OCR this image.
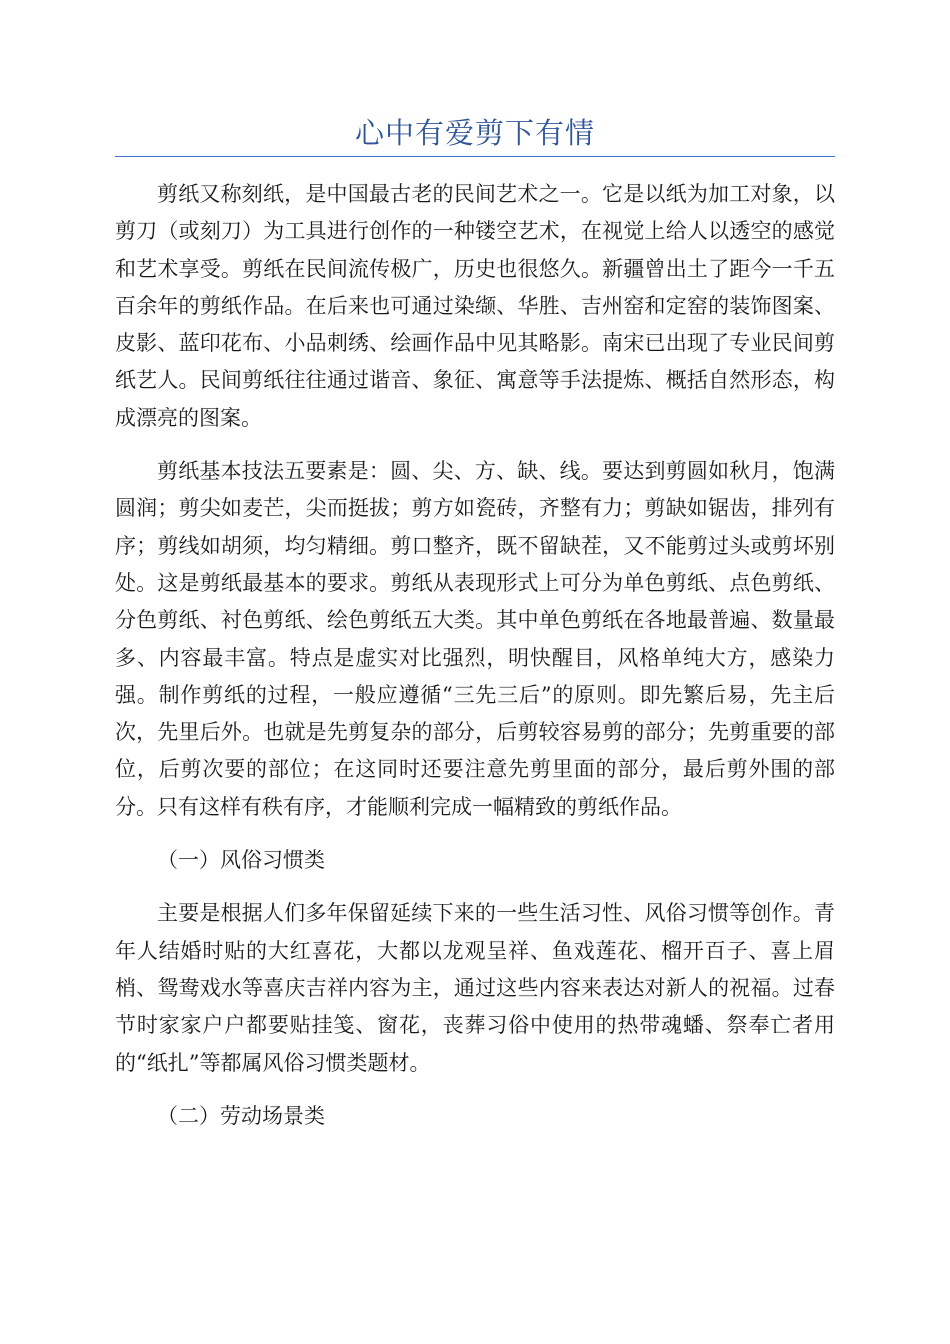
心中有爱剪下有情

剪纸又称刻纸，是中国最古老的民间艺术之一。它是以纸为加工对象，以剪刀（或刻刀）为工具进行创作的一种镂空艺术，在视觉上给人以透空的感觉和艺术享受。剪纸在民间流传极广，历史也很悠久。新疆曾出土了距今一千五百余年的剪纸作品。在后来也可通过染缬、华胜、吉州窑和定窑的装饰图案、皮影、蓝印花布、小品刺绣、绘画作品中见其略影。南宋已出现了专业民间剪纸艺人。民间剪纸往往通过谐音、象征、寓意等手法提炼、概括自然形态，构成漂亮的图案。

剪纸基本技法五要素是：圆、尖、方、缺、线。要达到剪圆如秋月，饱满圆润；剪尖如麦芒，尖而挺拔；剪方如瓷砖，齐整有力；剪缺如锯齿，排列有序；剪线如胡须，均匀精细。剪口整齐，既不留缺茬，又不能剪过头或剪坏别处。这是剪纸最基本的要求。剪纸从表现形式上可分为单色剪纸、点色剪纸、分色剪纸、衬色剪纸、绘色剪纸五大类。其中单色剪纸在各地最普遍、数量最多、内容最丰富。特点是虚实对比强烈，明快醒目，风格单纯大方，感染力强。制作剪纸的过程，一般应遵循“三先三后”的原则。即先繁后易，先主后次，先里后外。也就是先剪复杂的部分，后剪较容易剪的部分；先剪重要的部位，后剪次要的部位；在这同时还要注意先剪里面的部分，最后剪外围的部分。只有这样有秩有序，才能顺利完成一幅精致的剪纸作品。

（一）风俗习惯类

主要是根据人们多年保留延续下来的一些生活习性、风俗习惯等创作。青年人结婚时贴的大红喜花，大都以龙观呈祥、鱼戏莲花、榴开百子、喜上眉梢、鸳鸯戏水等喜庆吉祥内容为主，通过这些内容来表达对新人的祝福。过春节时家家户户都要贴挂笺、窗花，丧葬习俗中使用的热带魂蟠、祭奉亡者用的“纸扎”等都属风俗习惯类题材。

（二）劳动场景类
